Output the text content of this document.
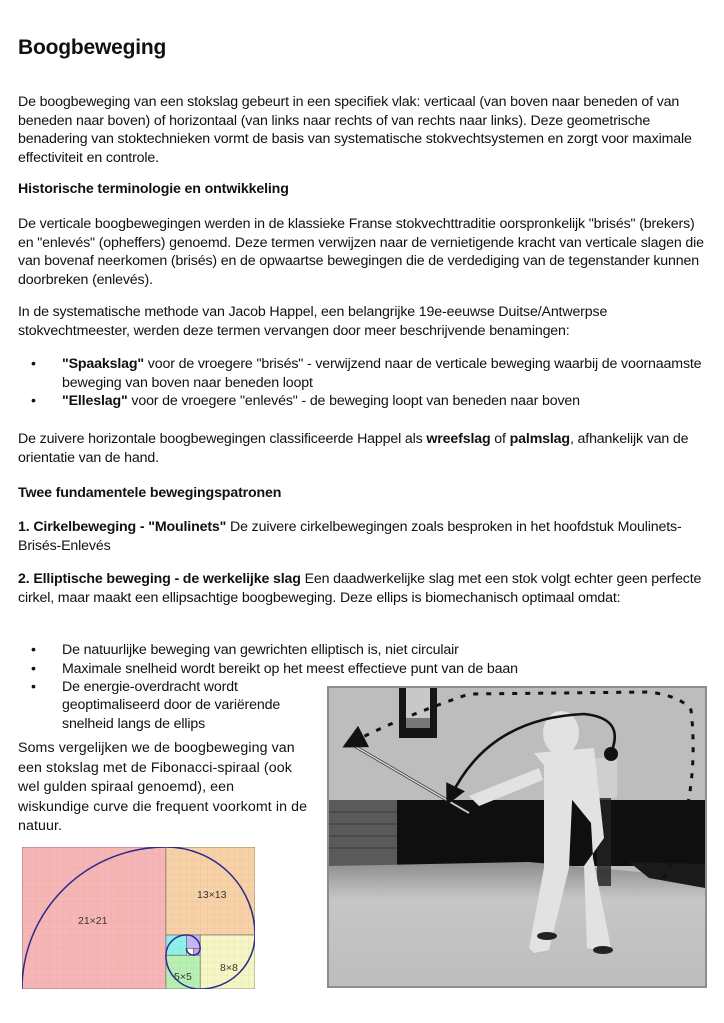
Boogbeweging

De boogbeweging van een stokslag gebeurt in een specifiek vlak: verticaal (van boven naar beneden of van beneden naar boven) of horizontaal (van links naar rechts of van rechts naar links). Deze geometrische benadering van stoktechnieken vormt de basis van systematische stokvechtsystemen en zorgt voor maximale effectiviteit en controle.

Historische terminologie en ontwikkeling

De verticale boogbewegingen werden in de klassieke Franse stokvechttraditie oorspronkelijk "brisés" (brekers) en "enlevés" (opheffers) genoemd. Deze termen verwijzen naar de vernietigende kracht van verticale slagen die van bovenaf neerkomen (brisés) en de opwaartse bewegingen die de verdediging van de tegenstander kunnen doorbreken (enlevés).

In de systematische methode van Jacob Happel, een belangrijke 19e-eeuwse Duitse/Antwerpse stokvechtmeester, werden deze termen vervangen door meer beschrijvende benamingen:

• "Spaakslag" voor de vroegere "brisés" - verwijzend naar de verticale beweging waarbij de voornaamste beweging van boven naar beneden loopt
• "Elleslag" voor de vroegere "enlevés" - de beweging loopt van beneden naar boven

De zuivere horizontale boogbewegingen classificeerde Happel als wreefslag of palmslag, afhankelijk van de orientatie van de hand.

Twee fundamentele bewegingspatronen

1. Cirkelbeweging - "Moulinets" De zuivere cirkelbewegingen zoals besproken in het hoofdstuk Moulinets-Brisés-Enlevés

2. Elliptische beweging - de werkelijke slag Een daadwerkelijke slag met een stok volgt echter geen perfecte cirkel, maar maakt een ellipsachtige boogbeweging. Deze ellips is biomechanisch optimaal omdat:

• De natuurlijke beweging van gewrichten elliptisch is, niet circulair
• Maximale snelheid wordt bereikt op het meest effectieve punt van de baan
• De energie-overdracht wordt geoptimaliseerd door de variërende snelheid langs de ellips

Soms vergelijken we de boogbeweging van een stokslag met de Fibonacci-spiraal (ook wel gulden spiraal genoemd), een wiskundige curve die frequent voorkomt in de natuur.

21×21
13×13
8×8
5×5
